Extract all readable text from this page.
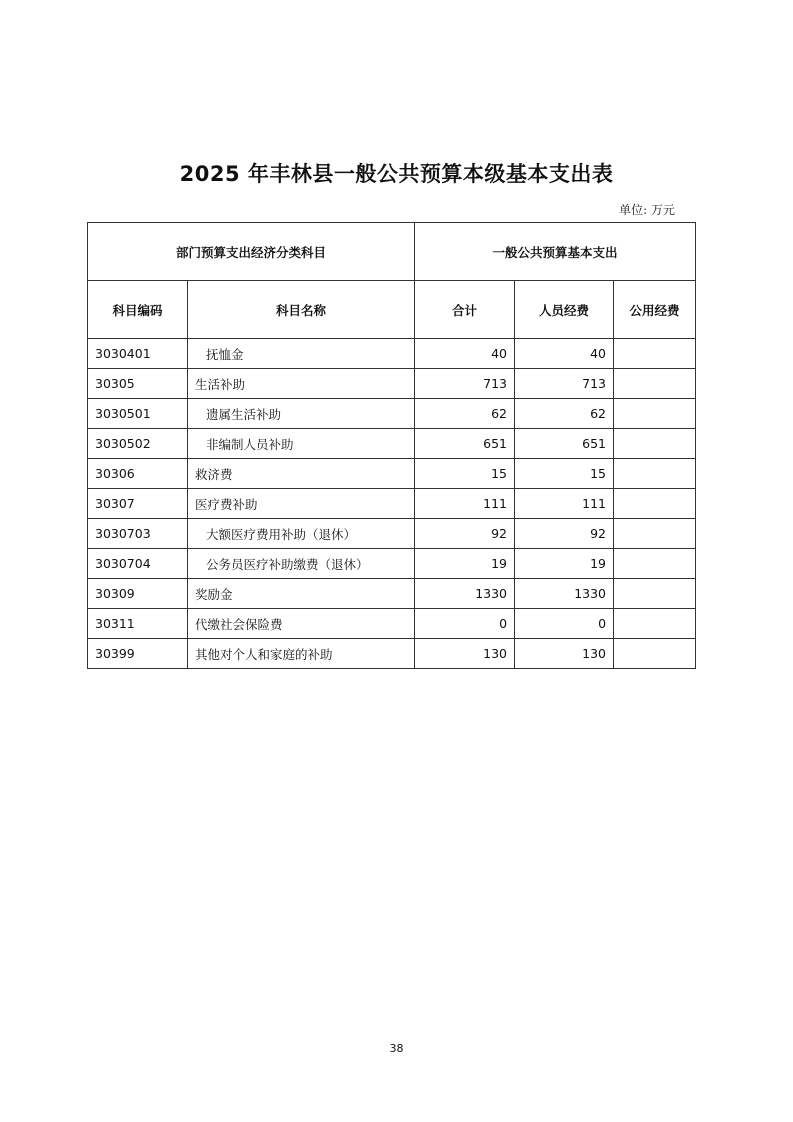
2025 年丰林县一般公共预算本级基本支出表
单位: 万元
部门预算支出经济分类科目		一般公共预算基本支出		
科目编码	科目名称	合计	人员经费	公用经费
3030401	抚恤金	40	40	
30305	生活补助	713	713	
3030501	遗属生活补助	62	62	
3030502	非编制人员补助	651	651	
30306	救济费	15	15	
30307	医疗费补助	111	111	
3030703	大额医疗费用补助（退休）	92	92	
3030704	公务员医疗补助缴费（退休）	19	19	
30309	奖励金	1330	1330	
30311	代缴社会保险费	0	0	
30399	其他对个人和家庭的补助	130	130	
38
